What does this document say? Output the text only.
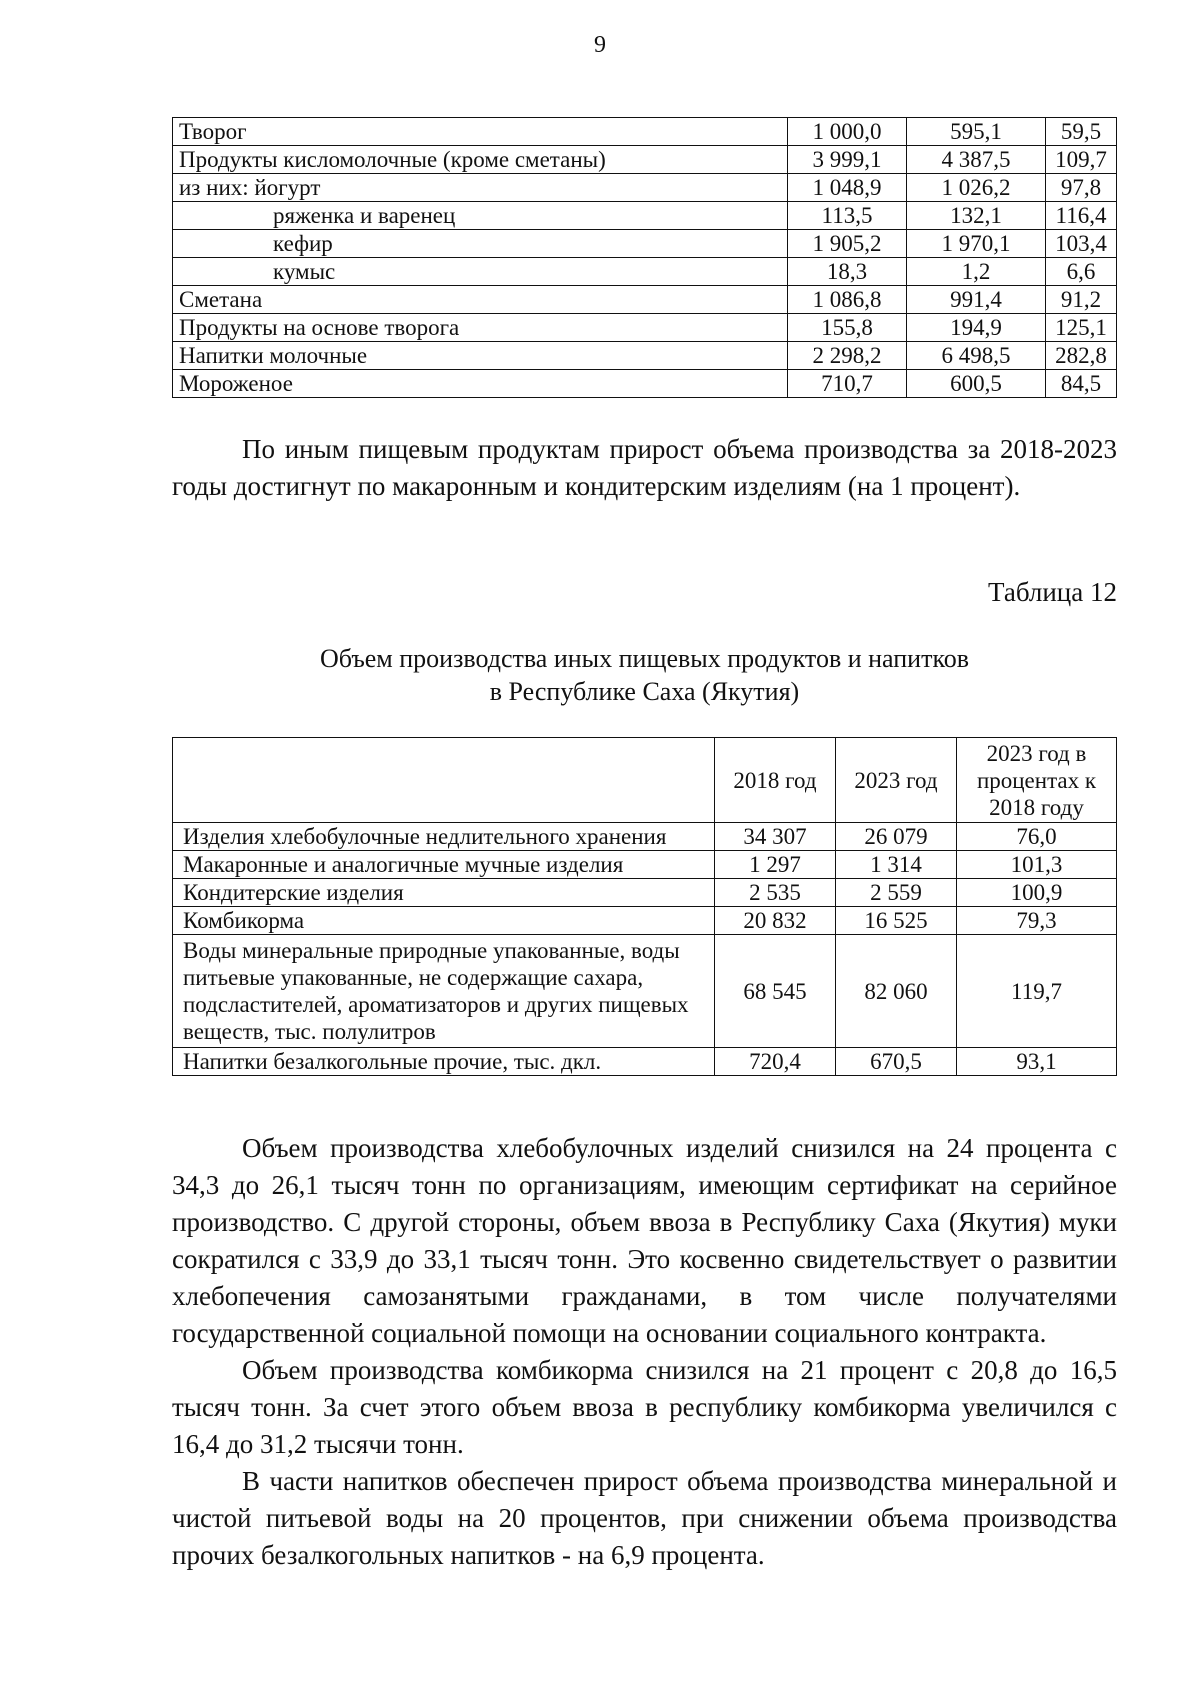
9
Творог	1 000,0	595,1	59,5
Продукты кисломолочные (кроме сметаны)	3 999,1	4 387,5	109,7
из них: йогурт	1 048,9	1 026,2	97,8
ряженка и варенец	113,5	132,1	116,4
кефир	1 905,2	1 970,1	103,4
кумыс	18,3	1,2	6,6
Сметана	1 086,8	991,4	91,2
Продукты на основе творога	155,8	194,9	125,1
Напитки молочные	2 298,2	6 498,5	282,8
Мороженое	710,7	600,5	84,5

По иным пищевым продуктам прирост объема производства за 2018-2023 годы достигнут по макаронным и кондитерским изделиям (на 1 процент).

Таблица 12
Объем производства иных пищевых продуктов и напитков
в Республике Саха (Якутия)
	2018 год	2023 год	2023 год в процентах к 2018 году
Изделия хлебобулочные недлительного хранения	34 307	26 079	76,0
Макаронные и аналогичные мучные изделия	1 297	1 314	101,3
Кондитерские изделия	2 535	2 559	100,9
Комбикорма	20 832	16 525	79,3
Воды минеральные природные упакованные, воды питьевые упакованные, не содержащие сахара, подсластителей, ароматизаторов и других пищевых веществ, тыс. полулитров	68 545	82 060	119,7
Напитки безалкогольные прочие, тыс. дкл.	720,4	670,5	93,1

Объем производства хлебобулочных изделий снизился на 24 процента с 34,3 до 26,1 тысяч тонн по организациям, имеющим сертификат на серийное производство. С другой стороны, объем ввоза в Республику Саха (Якутия) муки сократился с 33,9 до 33,1 тысяч тонн. Это косвенно свидетельствует о развитии хлебопечения самозанятыми гражданами, в том числе получателями государственной социальной помощи на основании социального контракта.

Объем производства комбикорма снизился на 21 процент с 20,8 до 16,5 тысяч тонн. За счет этого объем ввоза в республику комбикорма увеличился с 16,4 до 31,2 тысячи тонн.

В части напитков обеспечен прирост объема производства минеральной и чистой питьевой воды на 20 процентов, при снижении объема производства прочих безалкогольных напитков - на 6,9 процента.
